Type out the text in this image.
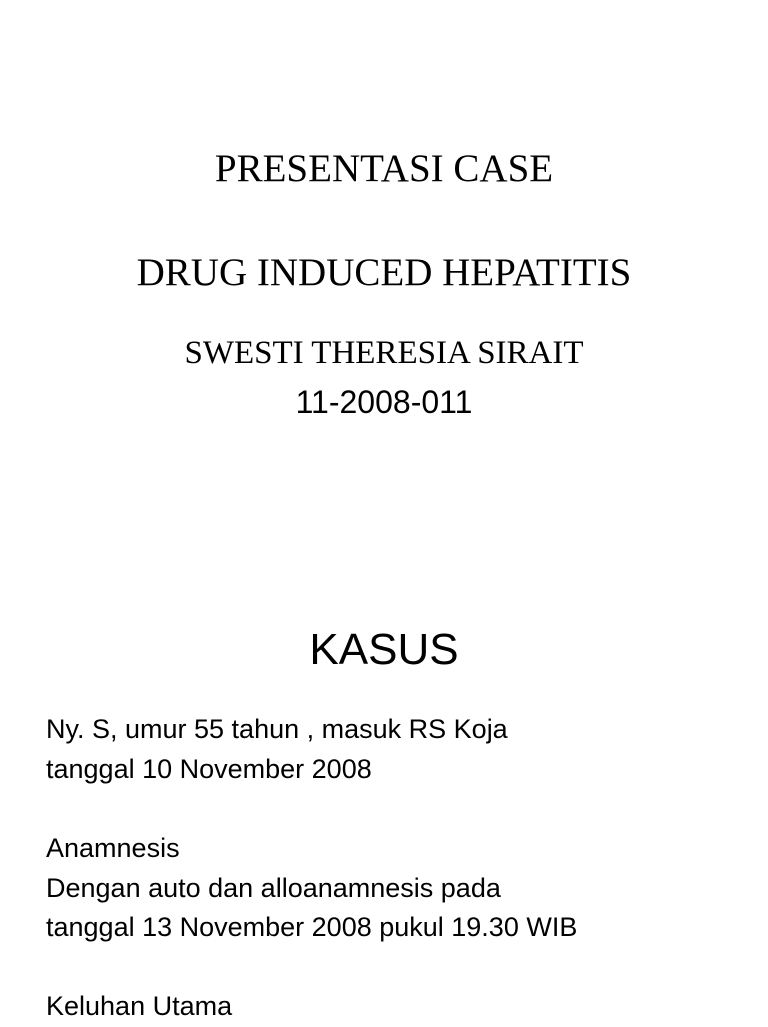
PRESENTASI CASE
DRUG INDUCED HEPATITIS
SWESTI THERESIA SIRAIT
11-2008-011
KASUS

Ny. S, umur 55 tahun , masuk RS Koja

tanggal 10 November 2008

Anamnesis

Dengan auto dan alloanamnesis pada

tanggal 13 November 2008 pukul 19.30 WIB

Keluhan Utama
